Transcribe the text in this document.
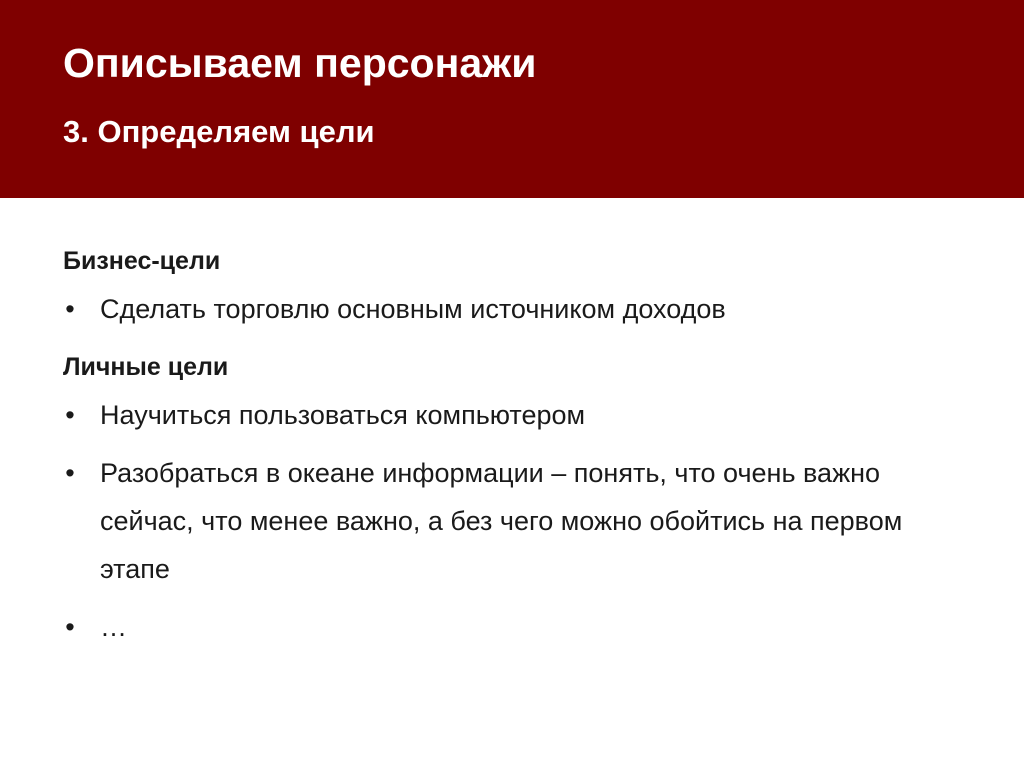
Описываем персонажи
3. Определяем цели
Бизнес-цели
• Сделать торговлю основным источником доходов
Личные цели
• Научиться пользоваться компьютером
• Разобраться в океане информации – понять, что очень важно сейчас, что менее важно, а без чего можно обойтись на первом этапе
• …
